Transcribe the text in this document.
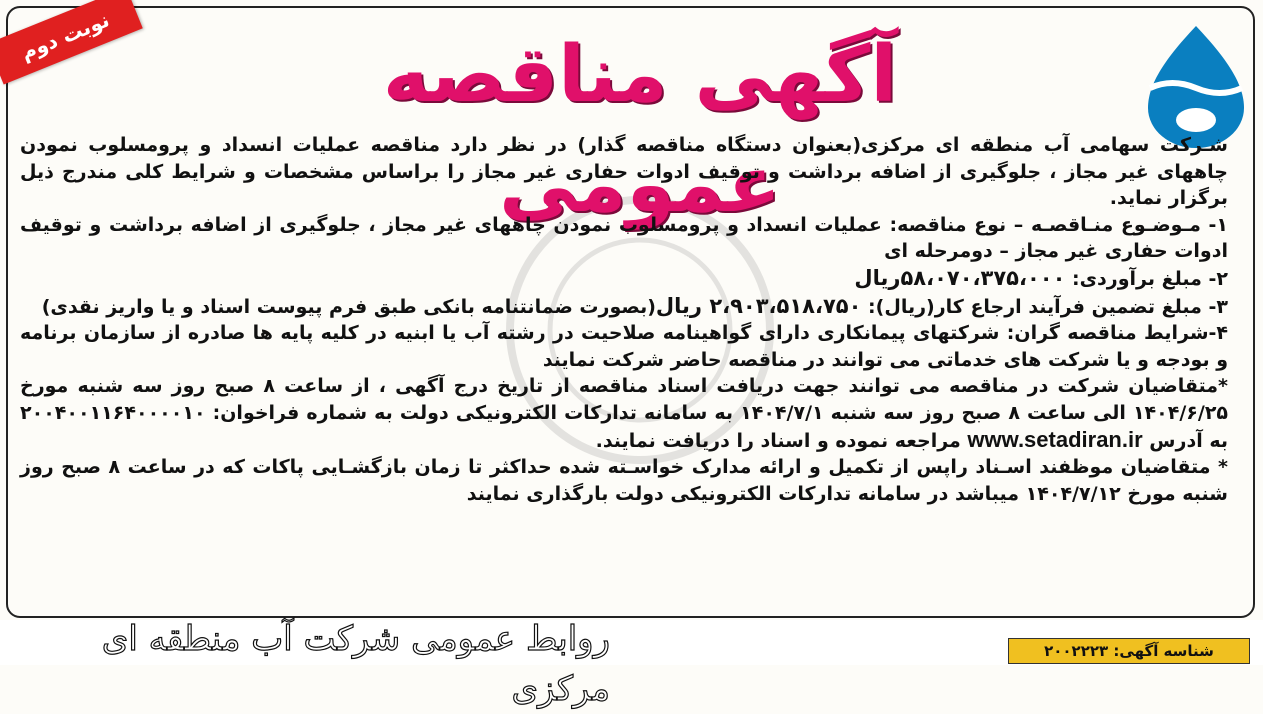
نوبت دوم	آگهی مناقصه عمومی

شـرکت سهامی آب منطقه ای مرکزی(بعنوان دستگاه مناقصه گذار) در نظر دارد مناقصه عملیات انسداد و پرومسلوب نمودن چاههای غیر مجاز ، جلوگیری از اضافه برداشت و توقیف ادوات حفاری غیر مجاز را براساس مشخصات و شرایط کلی مندرج ذیل برگزار نماید.

۱- مـوضـوع منـاقصـه – نوع مناقصه: عملیات انسداد و پرومسلوب نمودن چاههای غیر مجاز ، جلوگیری از اضافه برداشت و توقیف ادوات حفاری غیر مجاز – دومرحله ای

۲- مبلغ برآوردی: ۵۸،۰۷۰،۳۷۵،۰۰۰ریال

۳- مبلغ تضمین فرآیند ارجاع کار(ریال): ۲،۹۰۳،۵۱۸،۷۵۰ ریال(بصورت ضمانتنامه بانکی طبق فرم پیوست اسناد و یا واریز نقدی)

۴-شرایط مناقصه گران: شرکتهای پیمانکاری دارای گواهینامه صلاحیت در رشته آب یا ابنیه در کلیه پایه ها صادره از سازمان برنامه و بودجه و یا شرکت های خدماتی می توانند در مناقصه حاضر شرکت نمایند

*متقاضیان شرکت در مناقصه می توانند جهت دریافت اسناد مناقصه از تاریخ درج آگهی ، از ساعت ۸ صبح روز سه شنبه مورخ ۱۴۰۴/۶/۲۵ الی ساعت ۸ صبح روز سه شنبه ۱۴۰۴/۷/۱ به سامانه تدارکات الکترونیکی دولت به شماره فراخوان: ۲۰۰۴۰۰۱۱۶۴۰۰۰۰۱۰ به آدرس www.setadiran.ir مراجعه نموده و اسناد را دریافت نمایند.

* متقاضیان موظفند اسـناد راپس از تکمیل و ارائه مدارک خواسـته شده حداکثر تا زمان بازگشـایی پاکات که در ساعت ۸ صبح روز شنبه مورخ ۱۴۰۴/۷/۱۲ میباشد در سامانه تدارکات الکترونیکی دولت بارگذاری نمایند

روابط عمومی شرکت آب منطقه ای مرکزی
شناسه آگهی: ۲۰۰۲۲۲۳
